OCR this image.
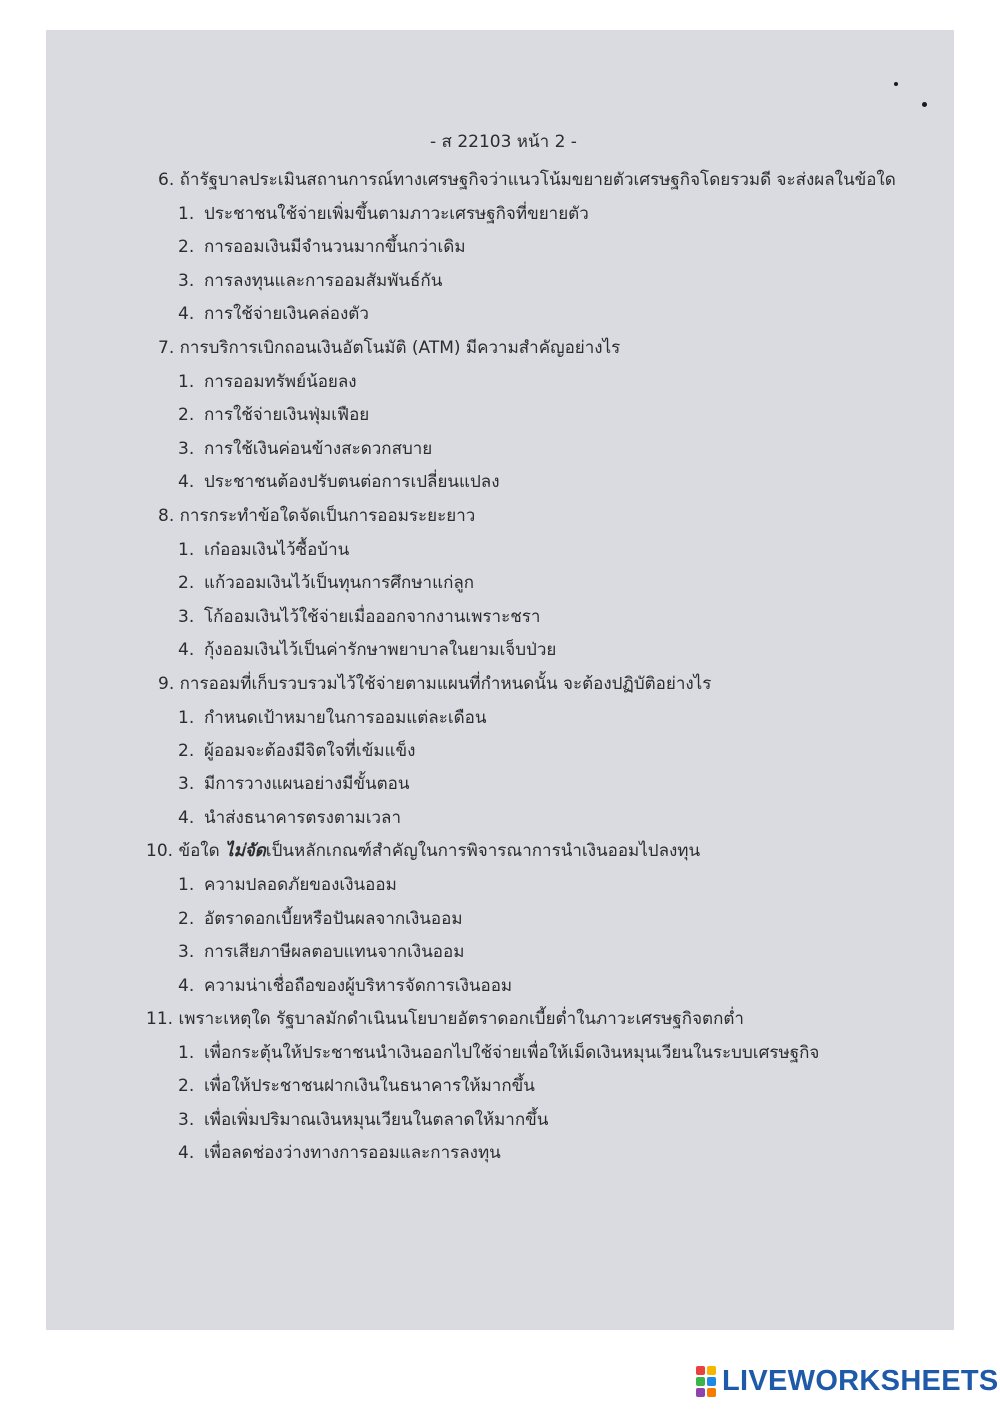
- ส 22103 หน้า 2 -
6. ถ้ารัฐบาลประเมินสถานการณ์ทางเศรษฐกิจว่าแนวโน้มขยายตัวเศรษฐกิจโดยรวมดี จะส่งผลในข้อใด
1. ประชาชนใช้จ่ายเพิ่มขึ้นตามภาวะเศรษฐกิจที่ขยายตัว
2. การออมเงินมีจำนวนมากขึ้นกว่าเดิม
3. การลงทุนและการออมสัมพันธ์กัน
4. การใช้จ่ายเงินคล่องตัว
7. การบริการเบิกถอนเงินอัตโนมัติ (ATM) มีความสำคัญอย่างไร
1. การออมทรัพย์น้อยลง
2. การใช้จ่ายเงินฟุ่มเฟือย
3. การใช้เงินค่อนข้างสะดวกสบาย
4. ประชาชนต้องปรับตนต่อการเปลี่ยนแปลง
8. การกระทำข้อใดจัดเป็นการออมระยะยาว
1. เก๋ออมเงินไว้ซื้อบ้าน
2. แก้วออมเงินไว้เป็นทุนการศึกษาแก่ลูก
3. โก้ออมเงินไว้ใช้จ่ายเมื่อออกจากงานเพราะชรา
4. กุ้งออมเงินไว้เป็นค่ารักษาพยาบาลในยามเจ็บป่วย
9. การออมที่เก็บรวบรวมไว้ใช้จ่ายตามแผนที่กำหนดนั้น จะต้องปฏิบัติอย่างไร
1. กำหนดเป้าหมายในการออมแต่ละเดือน
2. ผู้ออมจะต้องมีจิตใจที่เข้มแข็ง
3. มีการวางแผนอย่างมีขั้นตอน
4. นำส่งธนาคารตรงตามเวลา
10. ข้อใด ไม่จัดเป็นหลักเกณฑ์สำคัญในการพิจารณาการนำเงินออมไปลงทุน
1. ความปลอดภัยของเงินออม
2. อัตราดอกเบี้ยหรือปันผลจากเงินออม
3. การเสียภาษีผลตอบแทนจากเงินออม
4. ความน่าเชื่อถือของผู้บริหารจัดการเงินออม
11. เพราะเหตุใด รัฐบาลมักดำเนินนโยบายอัตราดอกเบี้ยต่ำในภาวะเศรษฐกิจตกต่ำ
1. เพื่อกระตุ้นให้ประชาชนนำเงินออกไปใช้จ่ายเพื่อให้เม็ดเงินหมุนเวียนในระบบเศรษฐกิจ
2. เพื่อให้ประชาชนฝากเงินในธนาคารให้มากขึ้น
3. เพื่อเพิ่มปริมาณเงินหมุนเวียนในตลาดให้มากขึ้น
4. เพื่อลดช่องว่างทางการออมและการลงทุน
LIVEWORKSHEETS
